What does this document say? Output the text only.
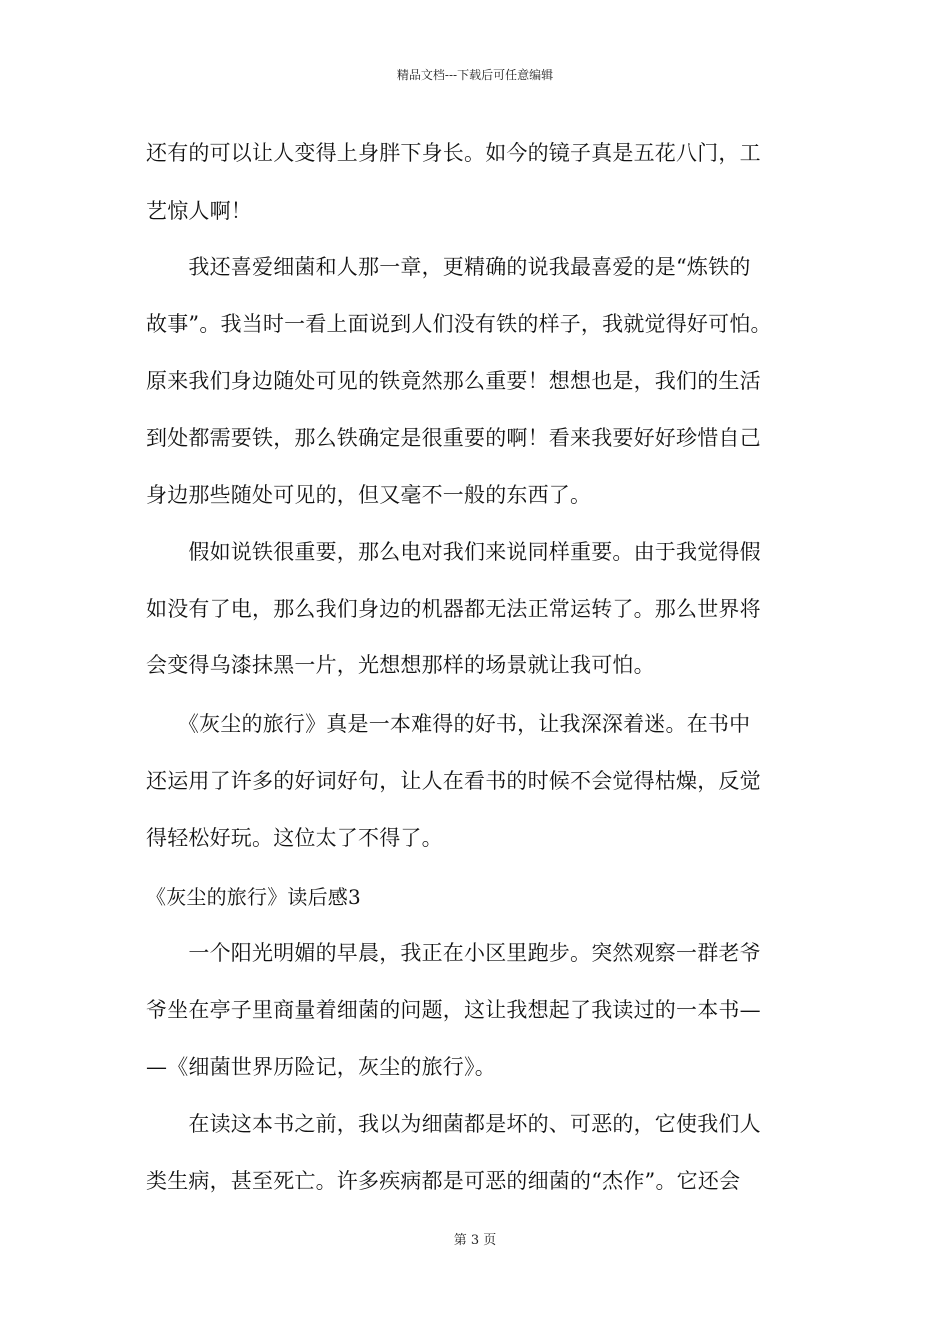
精品文档---下载后可任意编辑
还有的可以让人变得上身胖下身长。如今的镜子真是五花八门，工
艺惊人啊！
　　我还喜爱细菌和人那一章，更精确的说我最喜爱的是“炼铁的
故事”。我当时一看上面说到人们没有铁的样子，我就觉得好可怕。
原来我们身边随处可见的铁竟然那么重要！想想也是，我们的生活
到处都需要铁，那么铁确定是很重要的啊！看来我要好好珍惜自己
身边那些随处可见的，但又毫不一般的东西了。
　　假如说铁很重要，那么电对我们来说同样重要。由于我觉得假
如没有了电，那么我们身边的机器都无法正常运转了。那么世界将
会变得乌漆抹黑一片，光想想那样的场景就让我可怕。
　　《灰尘的旅行》真是一本难得的好书，让我深深着迷。在书中
还运用了许多的好词好句，让人在看书的时候不会觉得枯燥，反觉
得轻松好玩。这位太了不得了。
《灰尘的旅行》读后感3
　　一个阳光明媚的早晨，我正在小区里跑步。突然观察一群老爷
爷坐在亭子里商量着细菌的问题，这让我想起了我读过的一本书—
—《细菌世界历险记，灰尘的旅行》。
　　在读这本书之前，我以为细菌都是坏的、可恶的，它使我们人
类生病，甚至死亡。许多疾病都是可恶的细菌的“杰作”。它还会
第 3 页
